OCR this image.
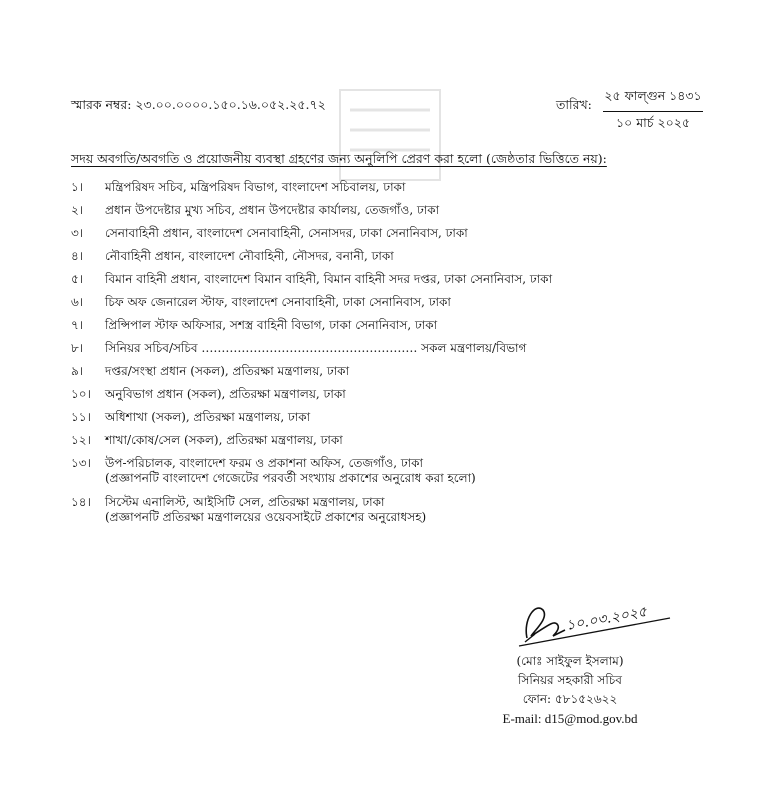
স্মারক নম্বর: ২৩.০০.০০০০.১৫০.১৬.০৫২.২৫.৭২	তারিখ:
২৫ ফাল্গুন ১৪৩১
১০ মার্চ ২০২৫
সদয় অবগতি/অবগতি ও প্রয়োজনীয় ব্যবস্থা গ্রহণের জন্য অনুলিপি প্রেরণ করা হলো (জেষ্ঠতার ভিত্তিতে নয়):
১।	মন্ত্রিপরিষদ সচিব, মন্ত্রিপরিষদ বিভাগ, বাংলাদেশ সচিবালয়, ঢাকা
২।	প্রধান উপদেষ্টার মুখ্য সচিব, প্রধান উপদেষ্টার কার্যালয়, তেজগাঁও, ঢাকা
৩।	সেনাবাহিনী প্রধান, বাংলাদেশ সেনাবাহিনী, সেনাসদর, ঢাকা সেনানিবাস, ঢাকা
৪।	নৌবাহিনী প্রধান, বাংলাদেশ নৌবাহিনী, নৌসদর, বনানী, ঢাকা
৫।	বিমান বাহিনী প্রধান, বাংলাদেশ বিমান বাহিনী, বিমান বাহিনী সদর দপ্তর, ঢাকা সেনানিবাস, ঢাকা
৬।	চিফ অফ জেনারেল স্টাফ, বাংলাদেশ সেনাবাহিনী, ঢাকা সেনানিবাস, ঢাকা
৭।	প্রিন্সিপাল স্টাফ অফিসার, সশস্ত্র বাহিনী বিভাগ, ঢাকা সেনানিবাস, ঢাকা
৮।	সিনিয়র সচিব/সচিব ……………………………………………… সকল মন্ত্রণালয়/বিভাগ
৯।	দপ্তর/সংস্থা প্রধান (সকল), প্রতিরক্ষা মন্ত্রণালয়, ঢাকা
১০।	অনুবিভাগ প্রধান (সকল), প্রতিরক্ষা মন্ত্রণালয়, ঢাকা
১১।	অধিশাখা (সকল), প্রতিরক্ষা মন্ত্রণালয়, ঢাকা
১২।	শাখা/কোষ/সেল (সকল), প্রতিরক্ষা মন্ত্রণালয়, ঢাকা
১৩।	উপ-পরিচালক, বাংলাদেশ ফরম ও প্রকাশনা অফিস, তেজগাঁও, ঢাকা
(প্রজ্ঞাপনটি বাংলাদেশ গেজেটের পরবর্তী সংখ্যায় প্রকাশের অনুরোধ করা হলো)
১৪।	সিস্টেম এনালিস্ট, আইসিটি সেল, প্রতিরক্ষা মন্ত্রণালয়, ঢাকা
(প্রজ্ঞাপনটি প্রতিরক্ষা মন্ত্রণালয়ের ওয়েবসাইটে প্রকাশের অনুরোধসহ)
১০.০৩.২০২৫
(মোঃ সাইফুল ইসলাম)
সিনিয়র সহকারী সচিব
ফোন: ৫৮১৫২৬২২
E-mail: d15@mod.gov.bd
